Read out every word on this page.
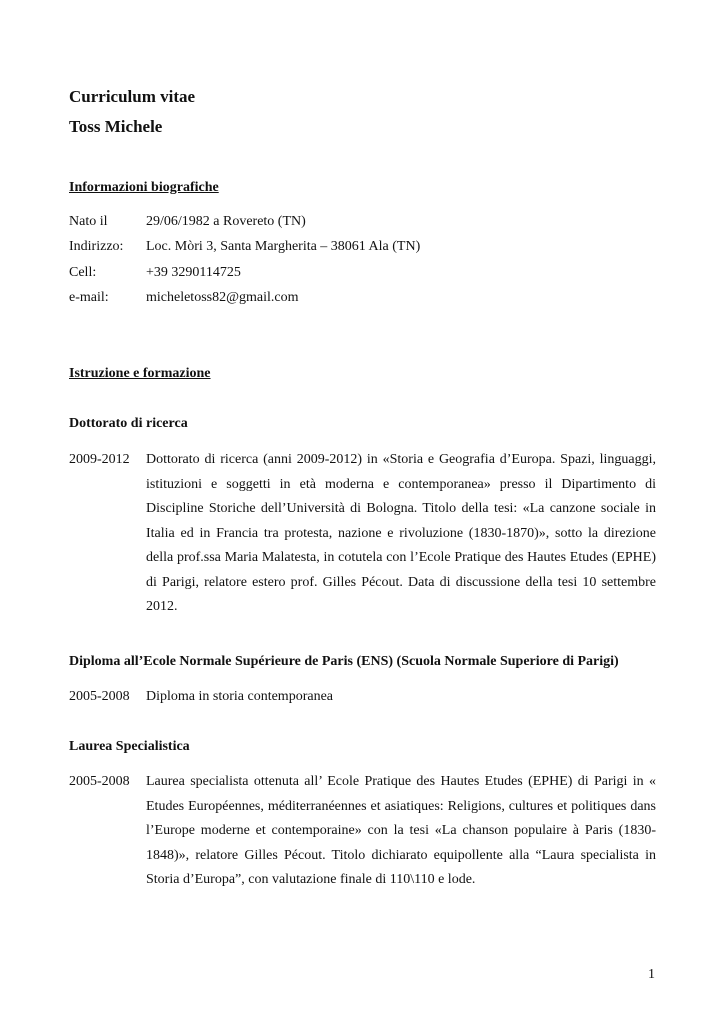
Curriculum vitae
Toss Michele
Informazioni biografiche
Nato il	29/06/1982 a Rovereto (TN)
Indirizzo:	Loc. Mòri 3, Santa Margherita – 38061 Ala (TN)
Cell:	+39 3290114725
e-mail:	micheletoss82@gmail.com
Istruzione e formazione
Dottorato di ricerca
2009-2012	Dottorato di ricerca (anni 2009-2012) in «Storia e Geografia d’Europa. Spazi, linguaggi, istituzioni e soggetti in età moderna e contemporanea» presso il Dipartimento di Discipline Storiche dell’Università di Bologna. Titolo della tesi: «La canzone sociale in Italia ed in Francia tra protesta, nazione e rivoluzione (1830-1870)», sotto la direzione della prof.ssa Maria Malatesta, in cotutela con l’Ecole Pratique des Hautes Etudes (EPHE) di Parigi, relatore estero prof. Gilles Pécout. Data di discussione della tesi 10 settembre 2012.
Diploma all’Ecole Normale Supérieure de Paris (ENS) (Scuola Normale Superiore di Parigi)
2005-2008	Diploma in storia contemporanea
Laurea Specialistica
2005-2008	Laurea specialista ottenuta all’ Ecole Pratique des Hautes Etudes (EPHE) di Parigi in « Etudes Européennes, méditerranéennes et asiatiques: Religions, cultures et politiques dans l’Europe moderne et contemporaine» con la tesi «La chanson populaire à Paris (1830-1848)», relatore Gilles Pécout. Titolo dichiarato equipollente alla “Laura specialista in Storia d’Europa”, con valutazione finale di 110\110 e lode.
1
